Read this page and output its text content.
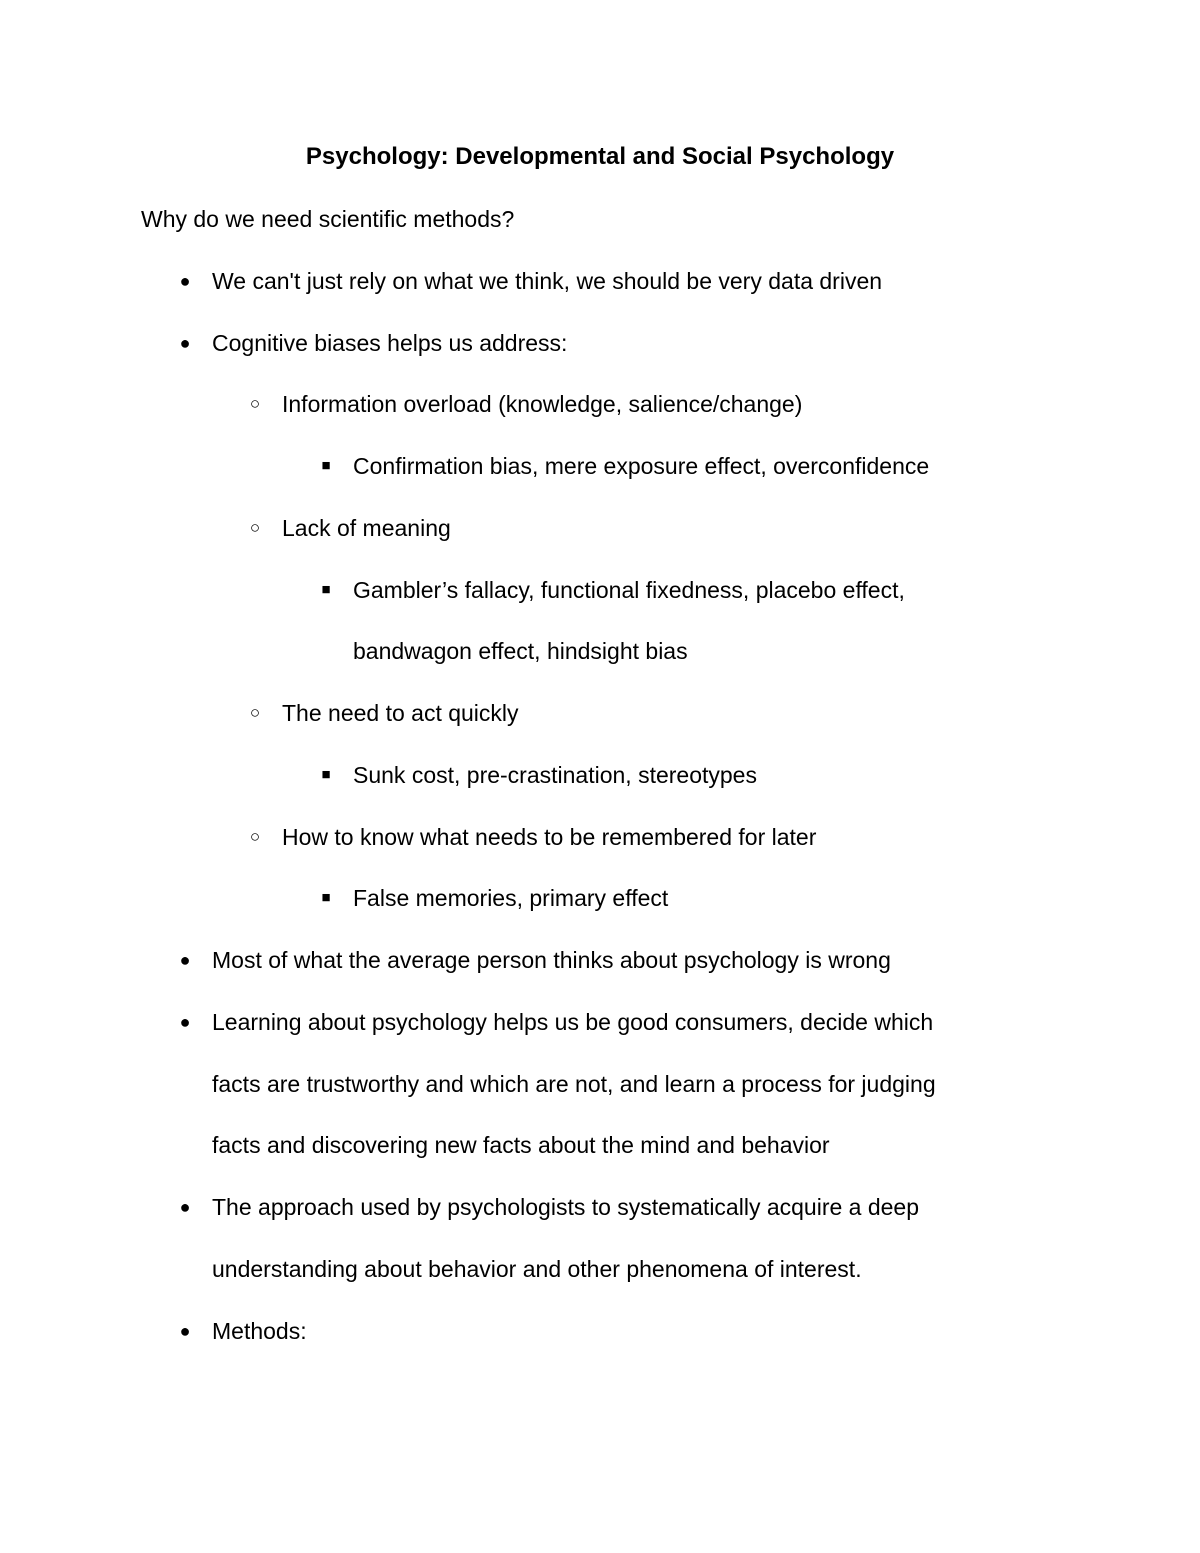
Psychology: Developmental and Social Psychology
Why do we need scientific methods?
● We can't just rely on what we think, we should be very data driven
● Cognitive biases helps us address:
○ Information overload (knowledge, salience/change)
■ Confirmation bias, mere exposure effect, overconfidence
○ Lack of meaning
■ Gambler’s fallacy, functional fixedness, placebo effect,
bandwagon effect, hindsight bias
○ The need to act quickly
■ Sunk cost, pre-crastination, stereotypes
○ How to know what needs to be remembered for later
■ False memories, primary effect
● Most of what the average person thinks about psychology is wrong
● Learning about psychology helps us be good consumers, decide which
facts are trustworthy and which are not, and learn a process for judging
facts and discovering new facts about the mind and behavior
● The approach used by psychologists to systematically acquire a deep
understanding about behavior and other phenomena of interest.
● Methods:
